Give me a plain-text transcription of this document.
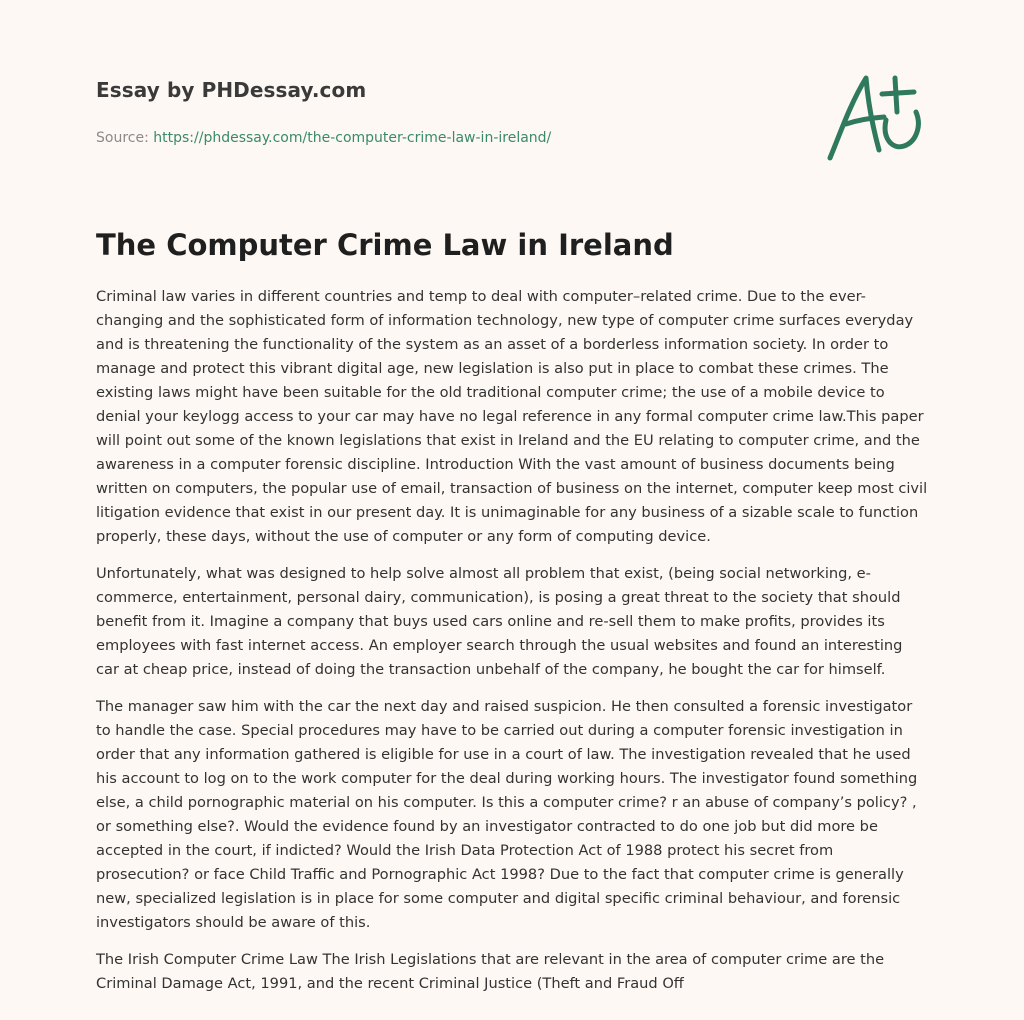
Essay by PHDessay.com
Source: https://phdessay.com/the-computer-crime-law-in-ireland/
The Computer Crime Law in Ireland

Criminal law varies in different countries and temp to deal with computer–related crime. Due to the ever-changing and the sophisticated form of information technology, new type of computer crime surfaces everyday and is threatening the functionality of the system as an asset of a borderless information society. In order to manage and protect this vibrant digital age, new legislation is also put in place to combat these crimes. The existing laws might have been suitable for the old traditional computer crime; the use of a mobile device to denial your keylogg access to your car may have no legal reference in any formal computer crime law.This paper will point out some of the known legislations that exist in Ireland and the EU relating to computer crime, and the awareness in a computer forensic discipline. Introduction With the vast amount of business documents being written on computers, the popular use of email, transaction of business on the internet, computer keep most civil litigation evidence that exist in our present day. It is unimaginable for any business of a sizable scale to function properly, these days, without the use of computer or any form of computing device.

Unfortunately, what was designed to help solve almost all problem that exist, (being social networking, e-commerce, entertainment, personal dairy, communication), is posing a great threat to the society that should benefit from it. Imagine a company that buys used cars online and re-sell them to make profits, provides its employees with fast internet access. An employer search through the usual websites and found an interesting car at cheap price, instead of doing the transaction unbehalf of the company, he bought the car for himself.

The manager saw him with the car the next day and raised suspicion. He then consulted a forensic investigator to handle the case. Special procedures may have to be carried out during a computer forensic investigation in order that any information gathered is eligible for use in a court of law. The investigation revealed that he used his account to log on to the work computer for the deal during working hours. The investigator found something else, a child pornographic material on his computer. Is this a computer crime? r an abuse of company’s policy? , or something else?. Would the evidence found by an investigator contracted to do one job but did more be accepted in the court, if indicted? Would the Irish Data Protection Act of 1988 protect his secret from prosecution? or face Child Traffic and Pornographic Act 1998? Due to the fact that computer crime is generally new, specialized legislation is in place for some computer and digital specific criminal behaviour, and forensic investigators should be aware of this.

The Irish Computer Crime Law The Irish Legislations that are relevant in the area of computer crime are the Criminal Damage Act, 1991, and the recent Criminal Justice (Theft and Fraud Off
